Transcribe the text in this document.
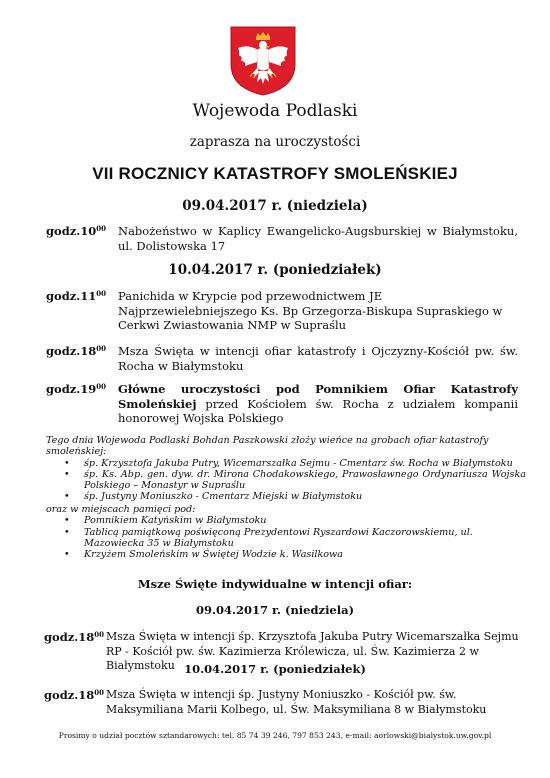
Wojewoda Podlaski
zaprasza na uroczystości
VII ROCZNICY KATASTROFY SMOLEŃSKIEJ
09.04.2017 r. (niedziela)
$godz.10^{00}$ Nabożeństwo w Kaplicy Ewangelicko-Augsburskiej w Białymstoku, ul. Dolistowska 17
10.04.2017 r. (poniedziałek)
$godz.11^{00}$ Panichida w Krypcie pod przewodnictwem JE Najprzewielebniejszego Ks. Bp Grzegorza-Biskupa Supraskiego w Cerkwi Zwiastowania NMP w Supraślu
$godz.18^{00}$ Msza Święta w intencji ofiar katastrofy i Ojczyzny-Kościół pw. św. Rocha w Białymstoku
$godz.19^{00}$ Główne uroczystości pod Pomnikiem Ofiar Katastrofy Smoleńskiej przed Kościołem św. Rocha z udziałem kompanii honorowej Wojska Polskiego
Tego dnia Wojewoda Podlaski Bohdan Paszkowski złoży wieńce na grobach ofiar katastrofy smoleńskiej:
• śp. Krzysztofa Jakuba Putry, Wicemarszałka Sejmu - Cmentarz św. Rocha w Białymstoku
• śp. Ks. Abp. gen. dyw. dr. Mirona Chodakowskiego, Prawosławnego Ordynariusza Wojska Polskiego – Monastyr w Supraślu
• śp. Justyny Moniuszko - Cmentarz Miejski w Białymstoku
oraz w miejscach pamięci pod:
• Pomnikiem Katyńskim w Białymstoku
• Tablicą pamiątkową poświęconą Prezydentowi Ryszardowi Kaczorowskiemu, ul. Mazowiecka 35 w Białymstoku
• Krzyżem Smoleńskim w Świętej Wodzie k. Wasilkowa
Msze Święte indywidualne w intencji ofiar:
09.04.2017 r. (niedziela)
$godz.18^{00}$ Msza Święta w intencji śp. Krzysztofa Jakuba Putry Wicemarszałka Sejmu RP - Kościół pw. św. Kazimierza Królewicza, ul. Św. Kazimierza 2 w Białymstoku 10.04.2017 r. (poniedziałek)
$godz.18^{00}$ Msza Święta w intencji śp. Justyny Moniuszko - Kościół pw. św. Maksymiliana Marii Kolbego, ul. Św. Maksymiliana 8 w Białymstoku
Prosimy o udział pocztów sztandarowych: tel. 85 74 39 246, 797 853 243, e-mail: aorlowski@bialystok.uw.gov.pl
